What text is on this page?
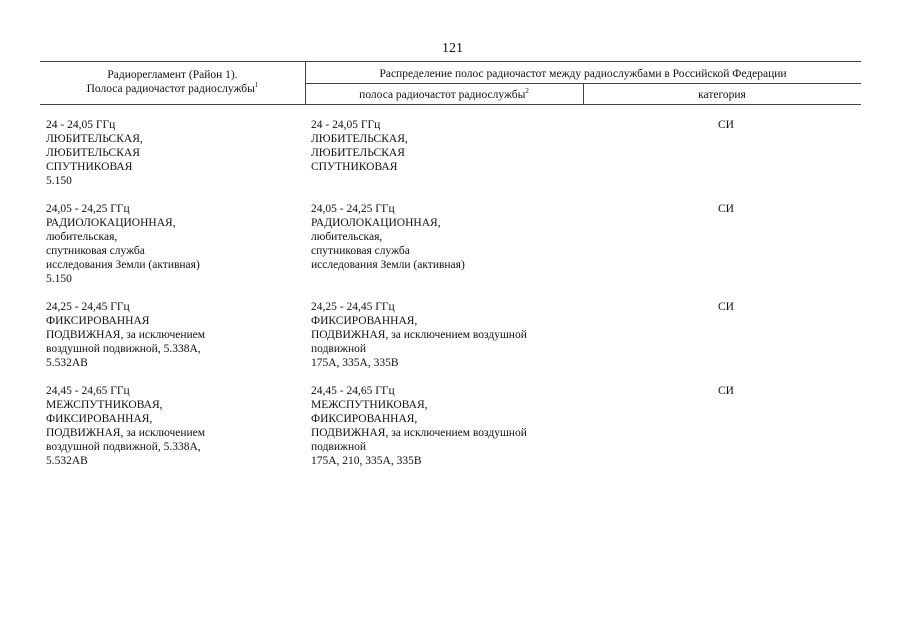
121
Радиорегламент (Район 1).
Полоса радиочастот радиослужбы$^1$
Распределение полос радиочастот между радиослужбами в Российской Федерации
полоса радиочастот радиослужбы$^2$	категория
24 - 24,05 ГГц
ЛЮБИТЕЛЬСКАЯ,
ЛЮБИТЕЛЬСКАЯ
СПУТНИКОВАЯ
5.150
24 - 24,05 ГГц
ЛЮБИТЕЛЬСКАЯ,
ЛЮБИТЕЛЬСКАЯ
СПУТНИКОВАЯ
СИ
24,05 - 24,25 ГГц
РАДИОЛОКАЦИОННАЯ,
любительская,
спутниковая служба
исследования Земли (активная)
5.150
24,05 - 24,25 ГГц
РАДИОЛОКАЦИОННАЯ,
любительская,
спутниковая служба
исследования Земли (активная)
СИ
24,25 - 24,45 ГГц
ФИКСИРОВАННАЯ
ПОДВИЖНАЯ, за исключением
воздушной подвижной, 5.338А,
5.532АВ
24,25 - 24,45 ГГц
ФИКСИРОВАННАЯ,
ПОДВИЖНАЯ, за исключением воздушной
подвижной
175А, 335А, 335В
СИ
24,45 - 24,65 ГГц
МЕЖСПУТНИКОВАЯ,
ФИКСИРОВАННАЯ,
ПОДВИЖНАЯ, за исключением
воздушной подвижной, 5.338А,
5.532АВ
24,45 - 24,65 ГГц
МЕЖСПУТНИКОВАЯ,
ФИКСИРОВАННАЯ,
ПОДВИЖНАЯ, за исключением воздушной
подвижной
175А, 210, 335А, 335В
СИ
